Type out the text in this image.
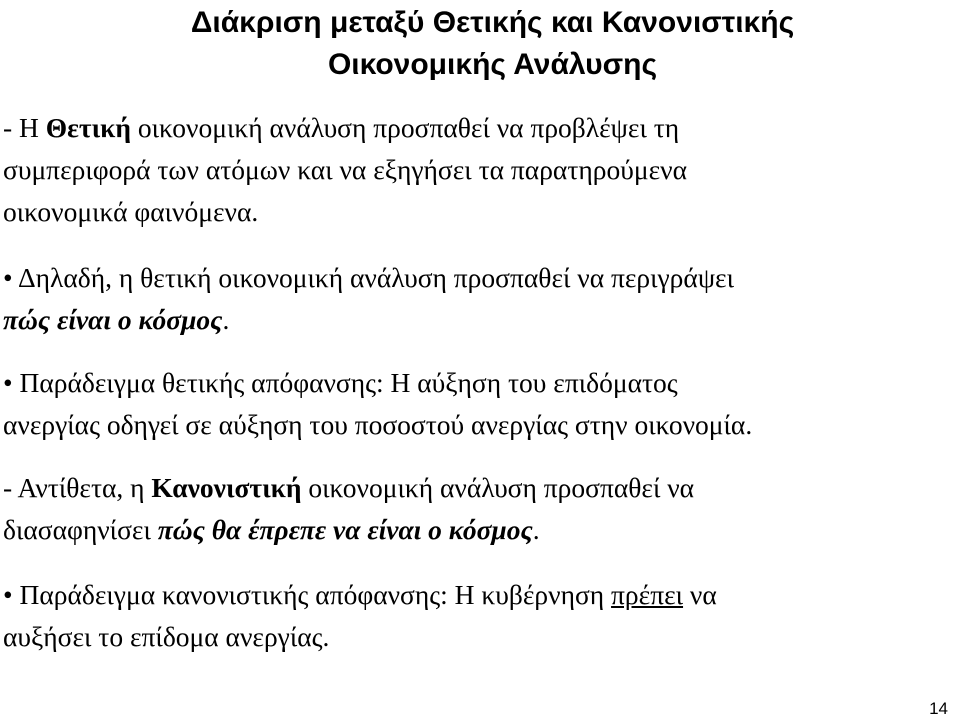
Διάκριση μεταξύ Θετικής και Κανονιστικής
Οικονομικής Ανάλυσης
- Η Θετική οικονομική ανάλυση προσπαθεί να προβλέψει τη
συμπεριφορά των ατόμων και να εξηγήσει τα παρατηρούμενα
οικονομικά φαινόμενα.
• Δηλαδή, η θετική οικονομική ανάλυση προσπαθεί να περιγράψει
πώς είναι ο κόσμος.
• Παράδειγμα θετικής απόφανσης: Η αύξηση του επιδόματος
ανεργίας οδηγεί σε αύξηση του ποσοστού ανεργίας στην οικονομία.
- Αντίθετα, η Κανονιστική οικονομική ανάλυση προσπαθεί να
διασαφηνίσει πώς θα έπρεπε να είναι ο κόσμος.
• Παράδειγμα κανονιστικής απόφανσης: Η κυβέρνηση πρέπει να
αυξήσει το επίδομα ανεργίας.
14
